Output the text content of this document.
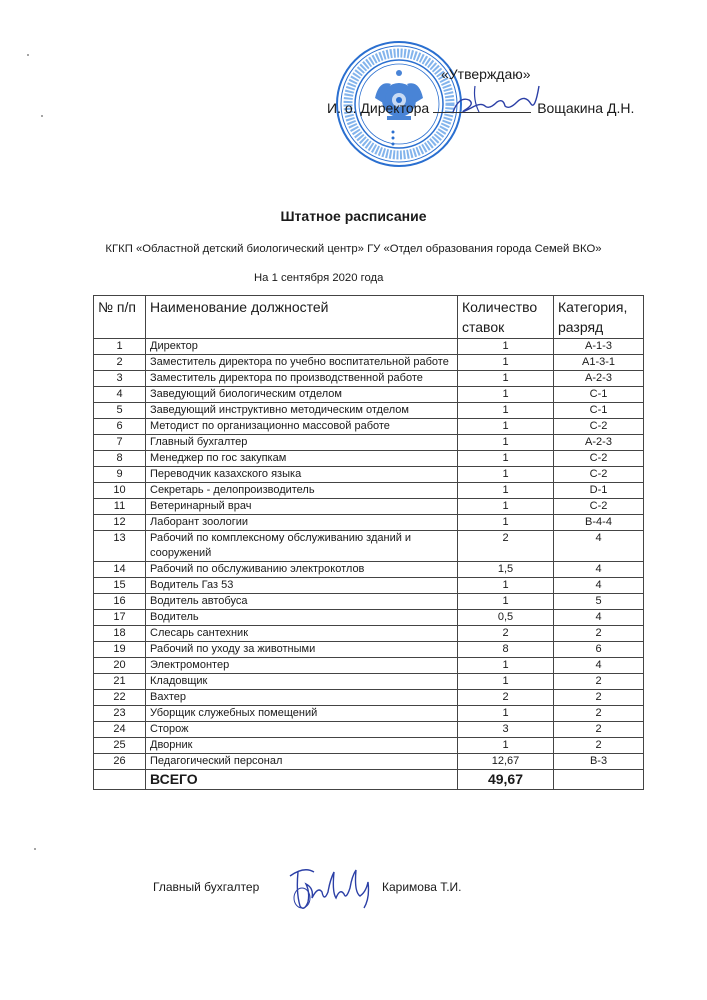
«Утверждаю»
И. о. Директора	Вощакина Д.Н.
Штатное расписание
КГКП «Областной детский биологический центр» ГУ «Отдел образования города Семей ВКО»
На 1 сентября 2020 года
№ п/п	Наименование должностей	Количество ставок	Категория, разряд
1	Директор	1	А-1-3
2	Заместитель директора по учебно воспитательной работе	1	А1-3-1
3	Заместитель директора по производственной работе	1	А-2-3
4	Заведующий биологическим отделом	1	С-1
5	Заведующий инструктивно методическим отделом	1	С-1
6	Методист по организационно массовой работе	1	С-2
7	Главный бухгалтер	1	А-2-3
8	Менеджер по гос закупкам	1	С-2
9	Переводчик казахского языка	1	С-2
10	Секретарь - делопроизводитель	1	D-1
11	Ветеринарный врач	1	С-2
12	Лаборант зоологии	1	В-4-4
13	Рабочий по комплексному обслуживанию зданий и сооружений	2	4
14	Рабочий по обслуживанию электрокотлов	1,5	4
15	Водитель Газ 53	1	4
16	Водитель автобуса	1	5
17	Водитель	0,5	4
18	Слесарь сантехник	2	2
19	Рабочий по уходу за животными	8	6
20	Электромонтер	1	4
21	Кладовщик	1	2
22	Вахтер	2	2
23	Уборщик служебных помещений	1	2
24	Сторож	3	2
25	Дворник	1	2
26	Педагогический персонал	12,67	В-3
	ВСЕГО	49,67	
Главный бухгалтер	Каримова Т.И.
